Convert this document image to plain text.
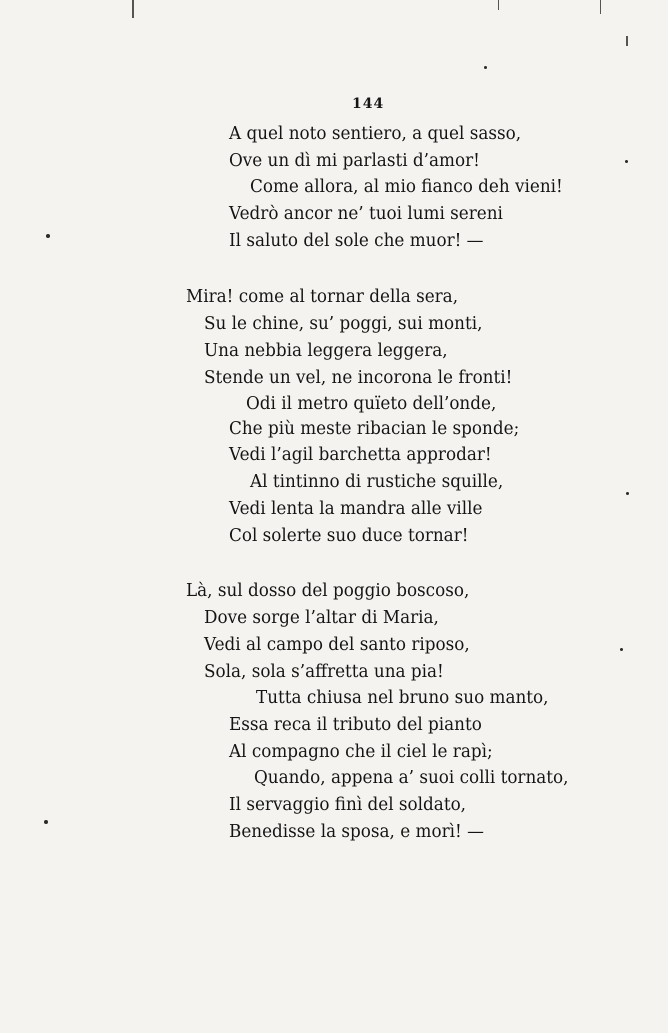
144
A quel noto sentiero, a quel sasso,
Ove un dì mi parlasti d’amor!
Come allora, al mio fianco deh vieni!
Vedrò ancor ne’ tuoi lumi sereni
Il saluto del sole che muor! —
Mira! come al tornar della sera,
Su le chine, su’ poggi, sui monti,
Una nebbia leggera leggera,
Stende un vel, ne incorona le fronti!
Odi il metro quïeto dell’onde,
Che più meste ribacian le sponde;
Vedi l’agil barchetta approdar!
Al tintinno di rustiche squille,
Vedi lenta la mandra alle ville
Col solerte suo duce tornar!
Là, sul dosso del poggio boscoso,
Dove sorge l’altar di Maria,
Vedi al campo del santo riposo,
Sola, sola s’affretta una pia!
Tutta chiusa nel bruno suo manto,
Essa reca il tributo del pianto
Al compagno che il ciel le rapì;
Quando, appena a’ suoi colli tornato,
Il servaggio finì del soldato,
Benedisse la sposa, e morì! —
